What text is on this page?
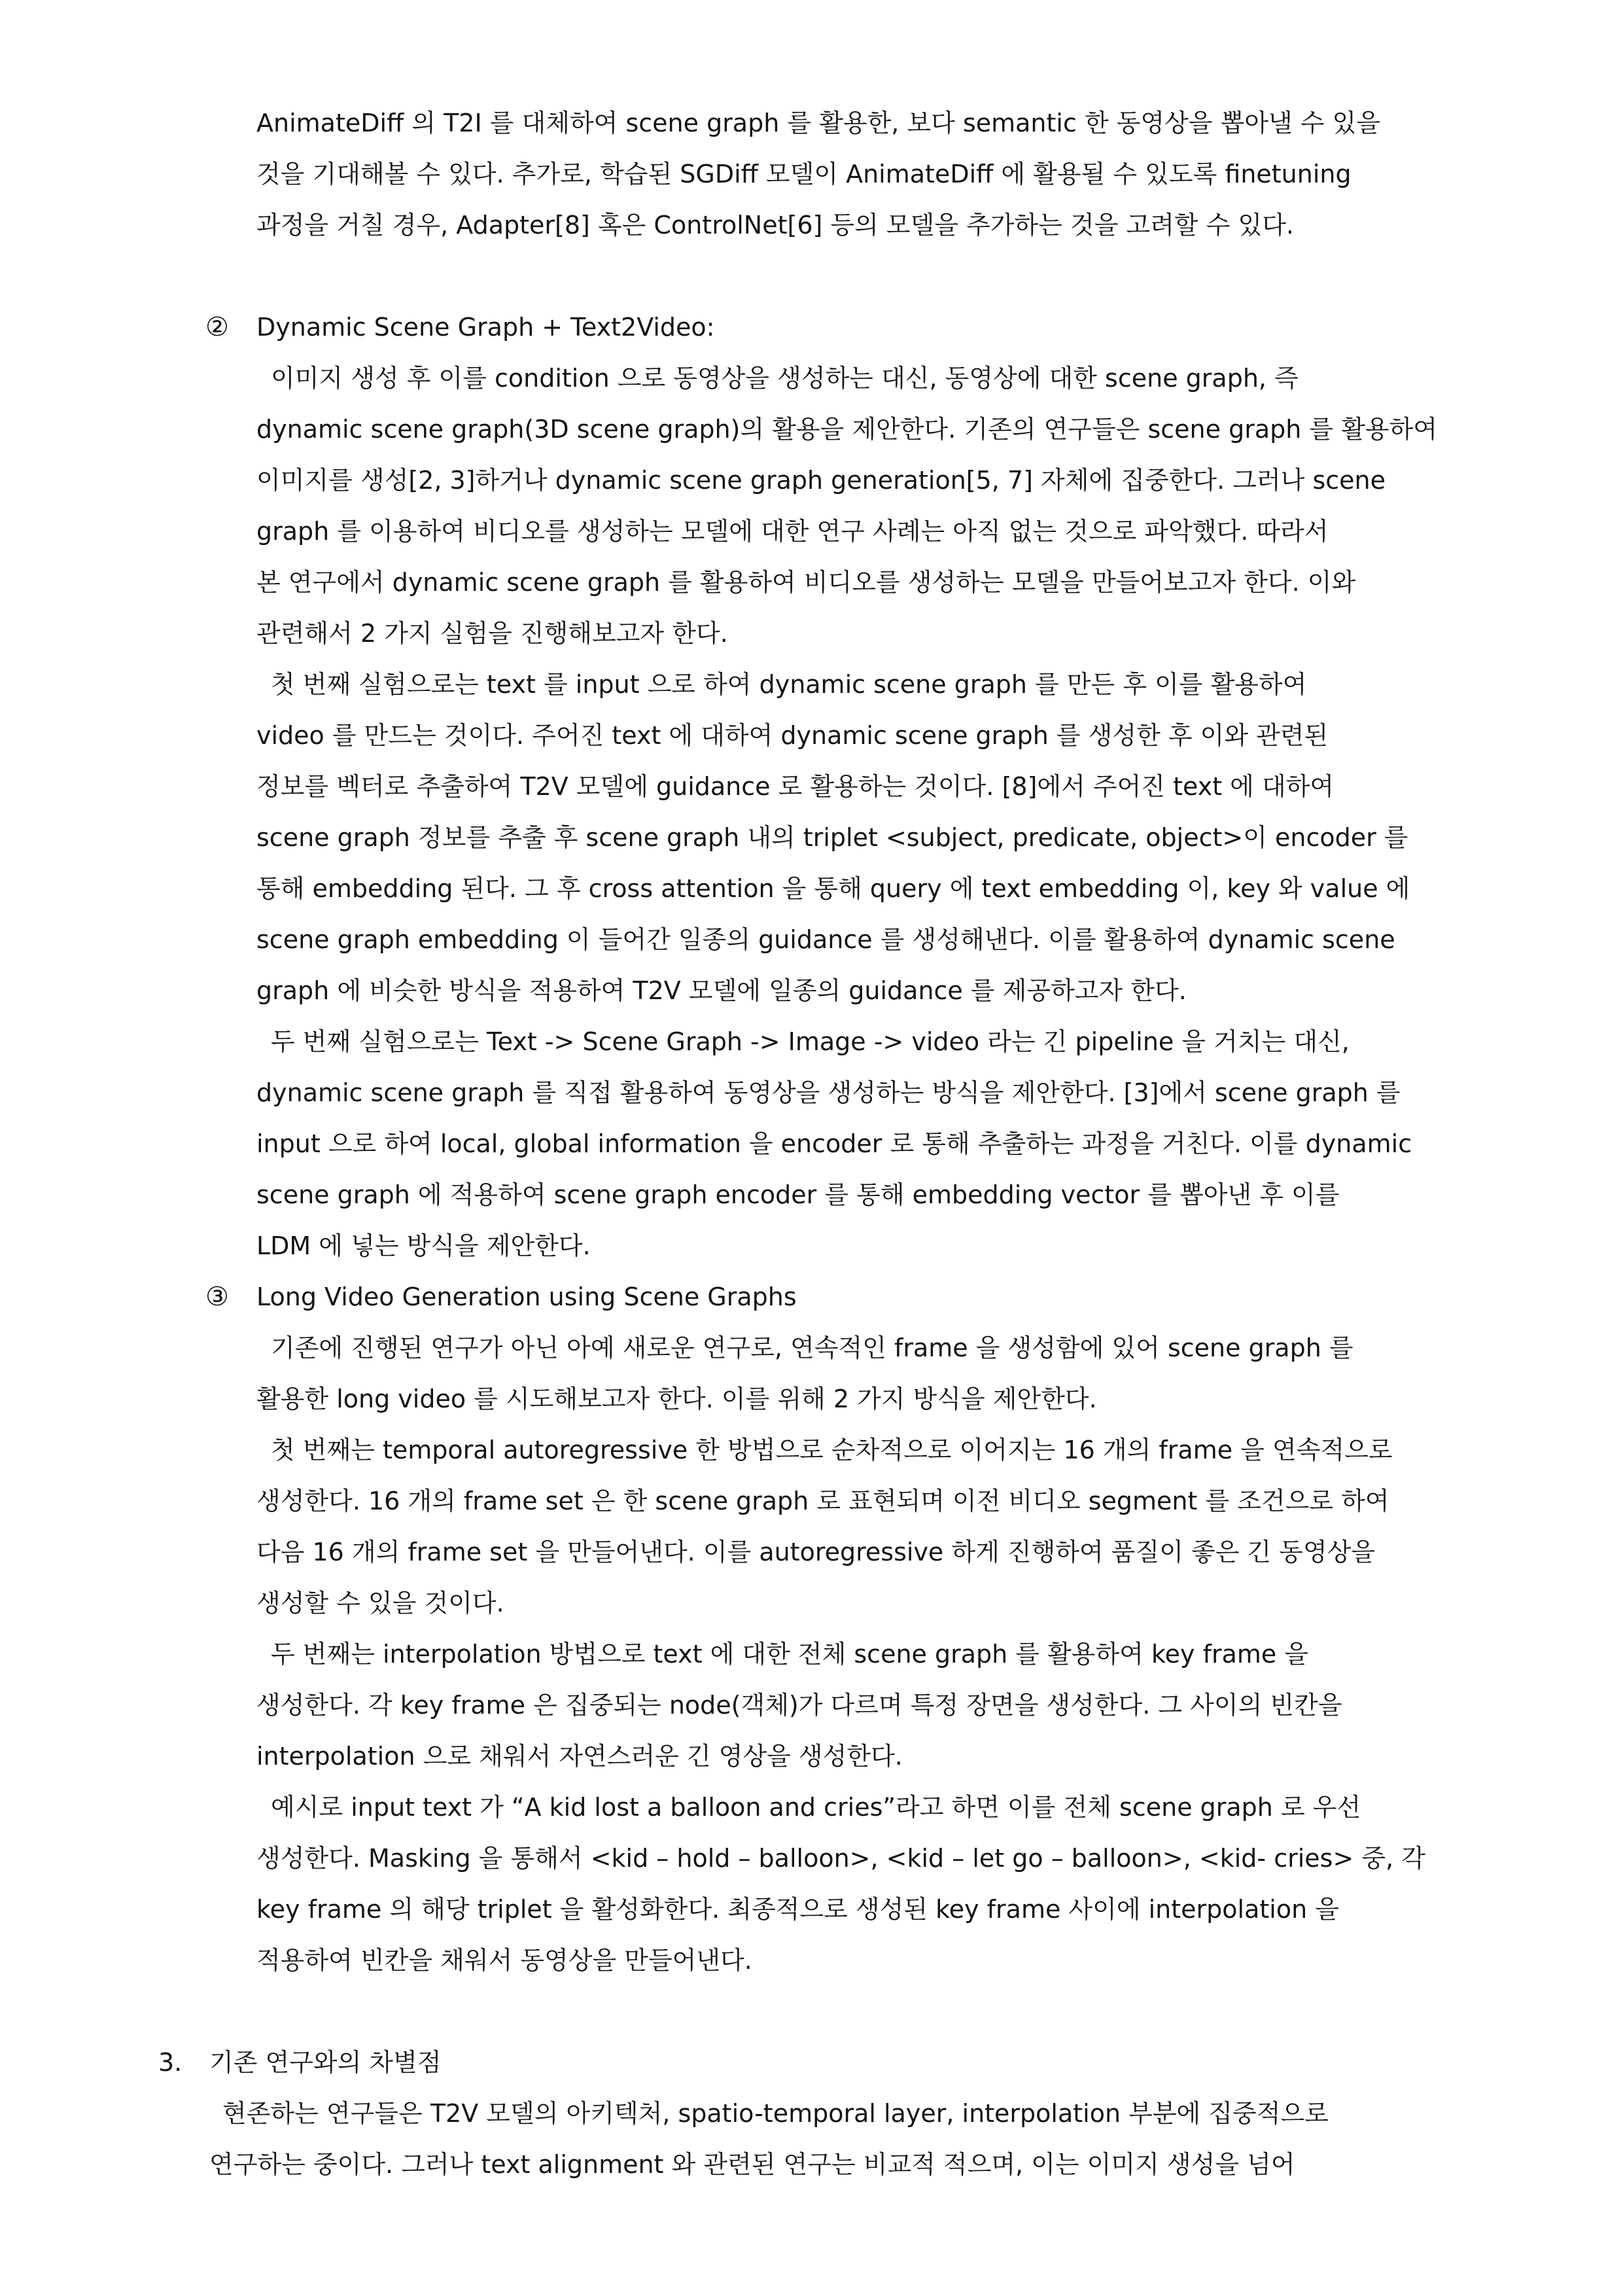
AnimateDiff 의 T2I 를 대체하여 scene graph 를 활용한, 보다 semantic 한 동영상을 뽑아낼 수 있을

것을 기대해볼 수 있다. 추가로, 학습된 SGDiff 모델이 AnimateDiff 에 활용될 수 있도록 finetuning

과정을 거칠 경우, Adapter[8] 혹은 ControlNet[6] 등의 모델을 추가하는 것을 고려할 수 있다.

② Dynamic Scene Graph + Text2Video:

이미지 생성 후 이를 condition 으로 동영상을 생성하는 대신, 동영상에 대한 scene graph, 즉

dynamic scene graph(3D scene graph)의 활용을 제안한다. 기존의 연구들은 scene graph 를 활용하여

이미지를 생성[2, 3]하거나 dynamic scene graph generation[5, 7] 자체에 집중한다. 그러나 scene

graph 를 이용하여 비디오를 생성하는 모델에 대한 연구 사례는 아직 없는 것으로 파악했다. 따라서

본 연구에서 dynamic scene graph 를 활용하여 비디오를 생성하는 모델을 만들어보고자 한다. 이와

관련해서 2 가지 실험을 진행해보고자 한다.

첫 번째 실험으로는 text 를 input 으로 하여 dynamic scene graph 를 만든 후 이를 활용하여

video 를 만드는 것이다. 주어진 text 에 대하여 dynamic scene graph 를 생성한 후 이와 관련된

정보를 벡터로 추출하여 T2V 모델에 guidance 로 활용하는 것이다. [8]에서 주어진 text 에 대하여

scene graph 정보를 추출 후 scene graph 내의 triplet <subject, predicate, object>이 encoder 를

통해 embedding 된다. 그 후 cross attention 을 통해 query 에 text embedding 이, key 와 value 에

scene graph embedding 이 들어간 일종의 guidance 를 생성해낸다. 이를 활용하여 dynamic scene

graph 에 비슷한 방식을 적용하여 T2V 모델에 일종의 guidance 를 제공하고자 한다.

두 번째 실험으로는 Text -> Scene Graph -> Image -> video 라는 긴 pipeline 을 거치는 대신,

dynamic scene graph 를 직접 활용하여 동영상을 생성하는 방식을 제안한다. [3]에서 scene graph 를

input 으로 하여 local, global information 을 encoder 로 통해 추출하는 과정을 거친다. 이를 dynamic

scene graph 에 적용하여 scene graph encoder 를 통해 embedding vector 를 뽑아낸 후 이를

LDM 에 넣는 방식을 제안한다.

③ Long Video Generation using Scene Graphs

기존에 진행된 연구가 아닌 아예 새로운 연구로, 연속적인 frame 을 생성함에 있어 scene graph 를

활용한 long video 를 시도해보고자 한다. 이를 위해 2 가지 방식을 제안한다.

첫 번째는 temporal autoregressive 한 방법으로 순차적으로 이어지는 16 개의 frame 을 연속적으로

생성한다. 16 개의 frame set 은 한 scene graph 로 표현되며 이전 비디오 segment 를 조건으로 하여

다음 16 개의 frame set 을 만들어낸다. 이를 autoregressive 하게 진행하여 품질이 좋은 긴 동영상을

생성할 수 있을 것이다.

두 번째는 interpolation 방법으로 text 에 대한 전체 scene graph 를 활용하여 key frame 을

생성한다. 각 key frame 은 집중되는 node(객체)가 다르며 특정 장면을 생성한다. 그 사이의 빈칸을

interpolation 으로 채워서 자연스러운 긴 영상을 생성한다.

예시로 input text 가 “A kid lost a balloon and cries”라고 하면 이를 전체 scene graph 로 우선

생성한다. Masking 을 통해서 <kid – hold – balloon>, <kid – let go – balloon>, <kid- cries> 중, 각

key frame 의 해당 triplet 을 활성화한다. 최종적으로 생성된 key frame 사이에 interpolation 을

적용하여 빈칸을 채워서 동영상을 만들어낸다.

3. 기존 연구와의 차별점

현존하는 연구들은 T2V 모델의 아키텍처, spatio-temporal layer, interpolation 부분에 집중적으로

연구하는 중이다. 그러나 text alignment 와 관련된 연구는 비교적 적으며, 이는 이미지 생성을 넘어
